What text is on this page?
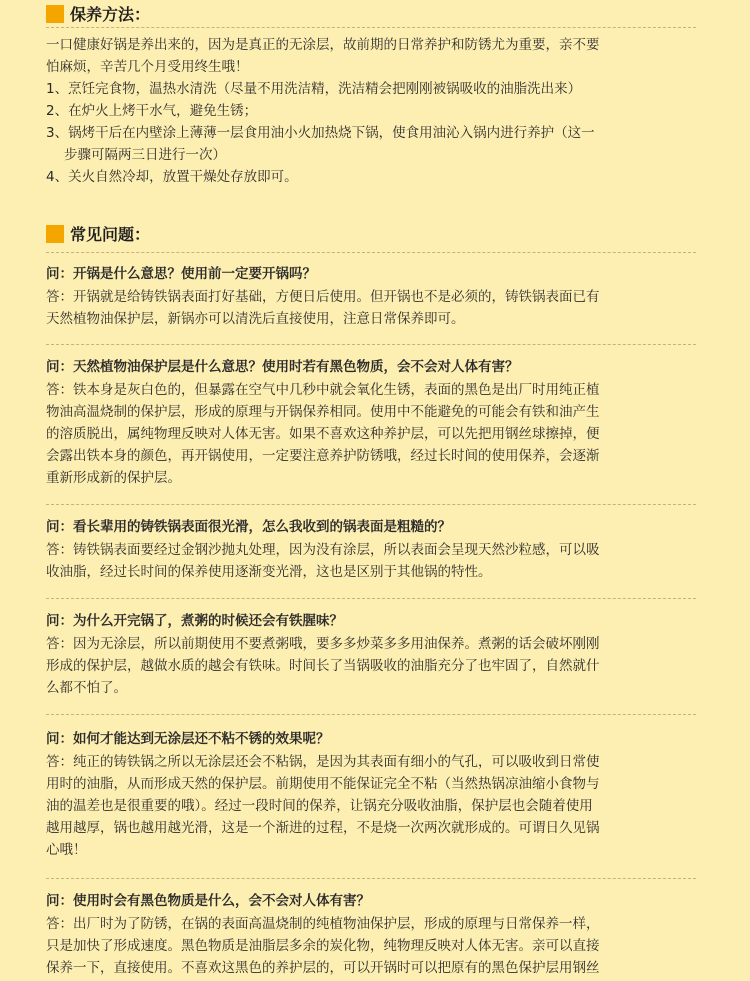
保养方法：
一口健康好锅是养出来的，因为是真正的无涂层，故前期的日常养护和防锈尤为重要，亲不要
怕麻烦，辛苦几个月受用终生哦！
1、烹饪完食物，温热水清洗（尽量不用洗洁精，洗洁精会把刚刚被锅吸收的油脂洗出来）
2、在炉火上烤干水气，避免生锈；
3、锅烤干后在内壁涂上薄薄一层食用油小火加热烧下锅，使食用油沁入锅内进行养护（这一
步骤可隔两三日进行一次）
4、关火自然冷却，放置干燥处存放即可。
常见问题：
问：开锅是什么意思？使用前一定要开锅吗？
答：开锅就是给铸铁锅表面打好基础，方便日后使用。但开锅也不是必须的，铸铁锅表面已有
天然植物油保护层，新锅亦可以清洗后直接使用，注意日常保养即可。
问：天然植物油保护层是什么意思？使用时若有黑色物质，会不会对人体有害？
答：铁本身是灰白色的，但暴露在空气中几秒中就会氧化生锈，表面的黑色是出厂时用纯正植
物油高温烧制的保护层，形成的原理与开锅保养相同。使用中不能避免的可能会有铁和油产生
的溶质脱出，属纯物理反映对人体无害。如果不喜欢这种养护层，可以先把用钢丝球擦掉，便
会露出铁本身的颜色，再开锅使用，一定要注意养护防锈哦，经过长时间的使用保养，会逐渐
重新形成新的保护层。
问：看长辈用的铸铁锅表面很光滑，怎么我收到的锅表面是粗糙的？
答：铸铁锅表面要经过金钢沙抛丸处理，因为没有涂层，所以表面会呈现天然沙粒感，可以吸
收油脂，经过长时间的保养使用逐渐变光滑，这也是区别于其他锅的特性。
问：为什么开完锅了，煮粥的时候还会有铁腥味？
答：因为无涂层，所以前期使用不要煮粥哦，要多多炒菜多多用油保养。煮粥的话会破坏刚刚
形成的保护层，越做水质的越会有铁味。时间长了当锅吸收的油脂充分了也牢固了，自然就什
么都不怕了。
问：如何才能达到无涂层还不粘不锈的效果呢？
答：纯正的铸铁锅之所以无涂层还会不粘锅，是因为其表面有细小的气孔，可以吸收到日常使
用时的油脂，从而形成天然的保护层。前期使用不能保证完全不粘（当然热锅凉油缩小食物与
油的温差也是很重要的哦）。经过一段时间的保养，让锅充分吸收油脂，保护层也会随着使用
越用越厚，锅也越用越光滑，这是一个渐进的过程，不是烧一次两次就形成的。可谓日久见锅
心哦！
问：使用时会有黑色物质是什么，会不会对人体有害？
答：出厂时为了防锈，在锅的表面高温烧制的纯植物油保护层，形成的原理与日常保养一样，
只是加快了形成速度。黑色物质是油脂层多余的炭化物，纯物理反映对人体无害。亲可以直接
保养一下，直接使用。不喜欢这黑色的养护层的，可以开锅时可以把原有的黑色保护层用钢丝
